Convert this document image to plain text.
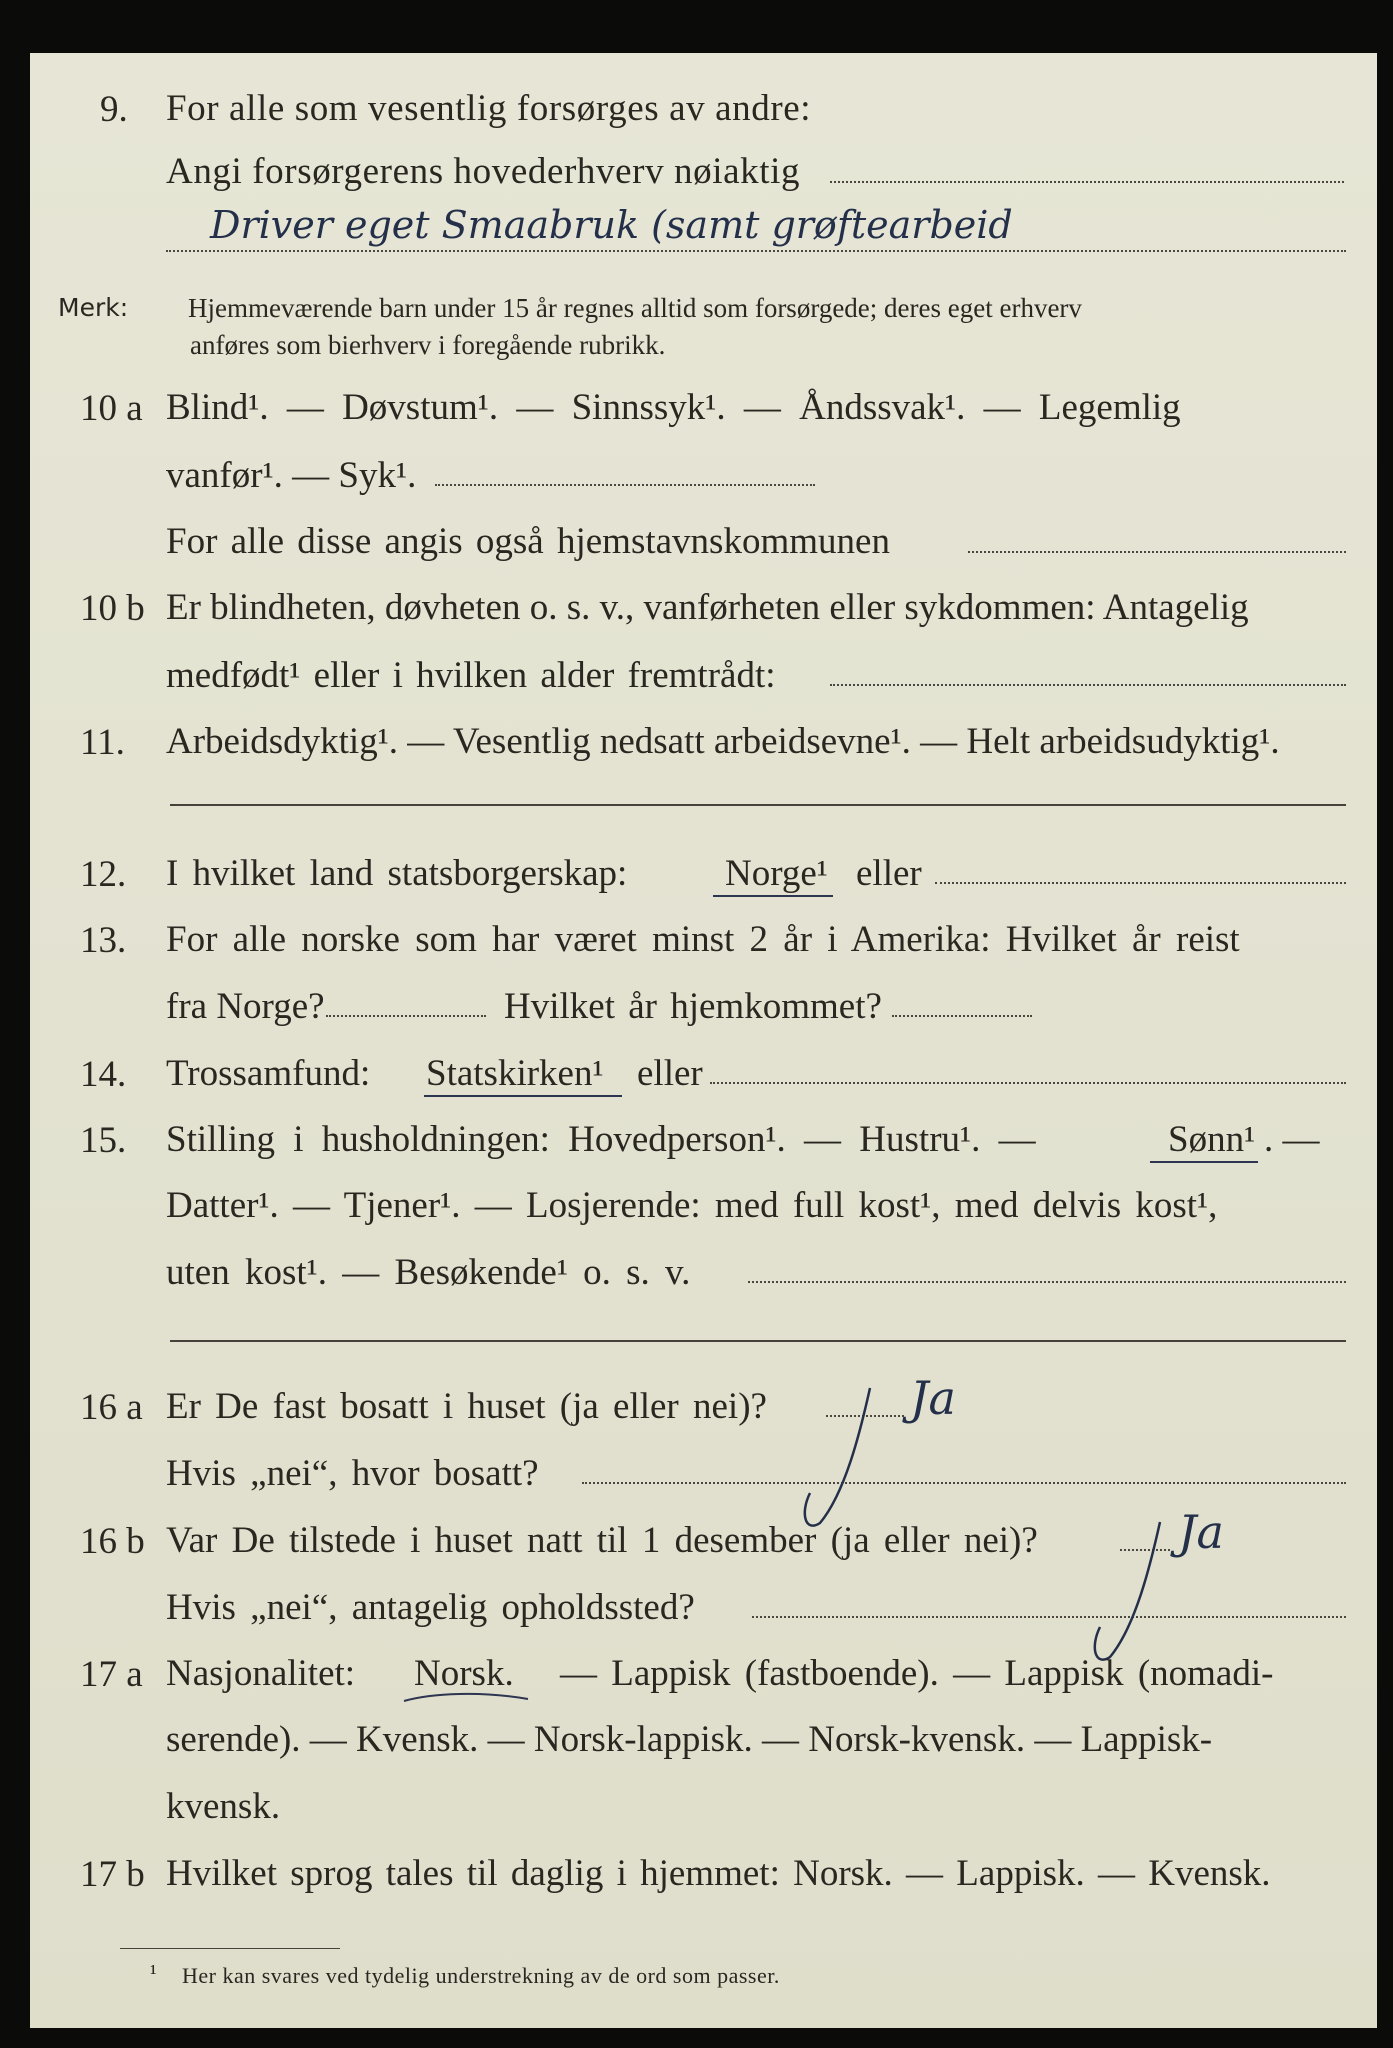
9. For alle som vesentlig forsørges av andre:
Angi forsørgerens hovederhverv nøiaktig
Driver eget Smaabruk (samt grøftearbeid
Merk: Hjemmeværende barn under 15 år regnes alltid som forsørgede; deres eget erhverv
anføres som bierhverv i foregående rubrikk.
10 a Blind¹. — Døvstum¹. — Sinnssyk¹. — Åndssvak¹. — Legemlig
vanfør¹. — Syk¹.
For alle disse angis også hjemstavnskommunen
10 b Er blindheten, døvheten o. s. v., vanførheten eller sykdommen: Antagelig
medfødt¹ eller i hvilken alder fremtrådt:
11. Arbeidsdyktig¹. — Vesentlig nedsatt arbeidsevne¹. — Helt arbeidsudyktig¹.
12. I hvilket land statsborgerskap:	Norge¹ eller
13. For alle norske som har været minst 2 år i Amerika: Hvilket år reist
fra Norge?	Hvilket år hjemkommet?
14. Trossamfund: Statskirken¹ eller
15. Stilling i husholdningen: Hovedperson¹. — Hustru¹. —	Sønn¹ . —
Datter¹. — Tjener¹. — Losjerende: med full kost¹, med delvis kost¹,
uten kost¹. — Besøkende¹ o. s. v.
16 a Er De fast bosatt i huset (ja eller nei)?	Ja
Hvis „nei“, hvor bosatt?
16 b Var De tilstede i huset natt til 1 desember (ja eller nei)?	Ja
Hvis „nei“, antagelig opholdssted?
17 a Nasjonalitet: Norsk. — Lappisk (fastboende). — Lappisk (nomadi-
serende). — Kvensk. — Norsk-lappisk. — Norsk-kvensk. — Lappisk-
kvensk.
17 b Hvilket sprog tales til daglig i hjemmet: Norsk. — Lappisk. — Kvensk.
¹ Her kan svares ved tydelig understrekning av de ord som passer.
